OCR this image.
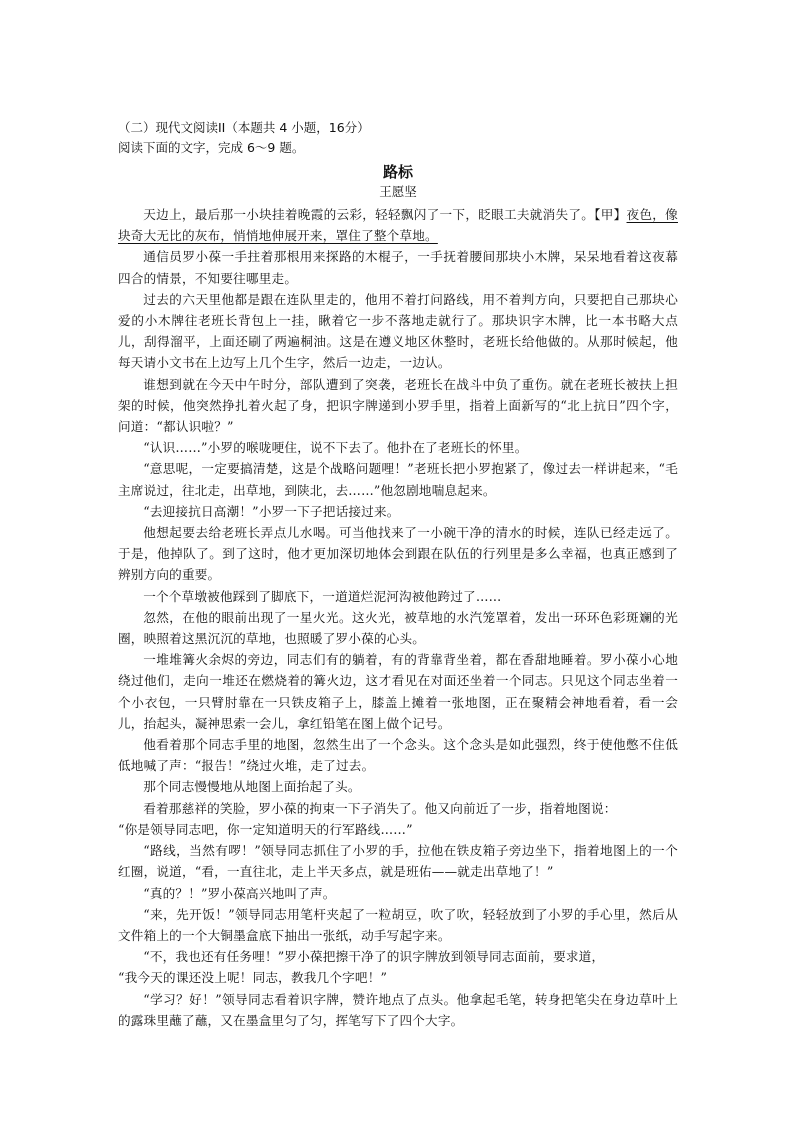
（二）现代文阅读II（本题共 4 小题，16分）

阅读下面的文字，完成 6～9 题。

路标

王愿坚

天边上，最后那一小块挂着晚霞的云彩，轻轻飘闪了一下，眨眼工夫就消失了。【甲】夜色，像块奇大无比的灰布，悄悄地伸展开来，罩住了整个草地。

通信员罗小葆一手拄着那根用来探路的木棍子，一手抚着腰间那块小木牌，呆呆地看着这夜幕四合的情景，不知要往哪里走。

过去的六天里他都是跟在连队里走的，他用不着打问路线，用不着判方向，只要把自己那块心爱的小木牌往老班长背包上一挂，瞅着它一步不落地走就行了。那块识字木牌，比一本书略大点儿，刮得溜平，上面还刷了两遍桐油。这是在遵义地区休整时，老班长给他做的。从那时候起，他每天请小文书在上边写上几个生字，然后一边走，一边认。

谁想到就在今天中午时分，部队遭到了突袭，老班长在战斗中负了重伤。就在老班长被扶上担架的时候，他突然挣扎着火起了身，把识字牌递到小罗手里，指着上面新写的“北上抗日”四个字，问道：“都认识啦？”

“认识……”小罗的喉咙哽住，说不下去了。他扑在了老班长的怀里。

“意思呢，一定要搞清楚，这是个战略问题哩！”老班长把小罗抱紧了，像过去一样讲起来，“毛主席说过，往北走，出草地，到陕北，去……”他忽剧地喘息起来。

“去迎接抗日高潮！”小罗一下子把话接过来。

他想起要去给老班长弄点儿水喝。可当他找来了一小碗干净的清水的时候，连队已经走远了。于是，他掉队了。到了这时，他才更加深切地体会到跟在队伍的行列里是多么幸福，也真正感到了辨别方向的重要。

一个个草墩被他踩到了脚底下，一道道烂泥河沟被他跨过了……

忽然，在他的眼前出现了一星火光。这火光，被草地的水汽笼罩着，发出一环环色彩斑斓的光圈，映照着这黑沉沉的草地，也照暖了罗小葆的心头。

一堆堆篝火余烬的旁边，同志们有的躺着，有的背靠背坐着，都在香甜地睡着。罗小葆小心地绕过他们，走向一堆还在燃烧着的篝火边，这才看见在对面还坐着一个同志。只见这个同志坐着一个小衣包，一只臂肘靠在一只铁皮箱子上，膝盖上摊着一张地图，正在聚精会神地看着，看一会儿，抬起头，凝神思索一会儿，拿红铅笔在图上做个记号。

他看着那个同志手里的地图，忽然生出了一个念头。这个念头是如此强烈，终于使他憋不住低低地喊了声：“报告！”绕过火堆，走了过去。

那个同志慢慢地从地图上面抬起了头。

看着那慈祥的笑脸，罗小葆的拘束一下子消失了。他又向前近了一步，指着地图说：

“你是领导同志吧，你一定知道明天的行军路线……”

“路线，当然有啰！”领导同志抓住了小罗的手，拉他在铁皮箱子旁边坐下，指着地图上的一个红圈，说道，“看，一直往北，走上半天多点，就是班佑——就走出草地了！”

“真的？！”罗小葆高兴地叫了声。

“来，先开饭！”领导同志用笔杆夹起了一粒胡豆，吹了吹，轻轻放到了小罗的手心里，然后从文件箱上的一个大铜墨盒底下抽出一张纸，动手写起字来。

“不，我也还有任务哩！”罗小葆把擦干净了的识字牌放到领导同志面前，要求道，

“我今天的课还没上呢！同志，教我几个字吧！”

“学习？好！”领导同志看着识字牌，赞许地点了点头。他拿起毛笔，转身把笔尖在身边草叶上的露珠里蘸了蘸，又在墨盒里匀了匀，挥笔写下了四个大字。
